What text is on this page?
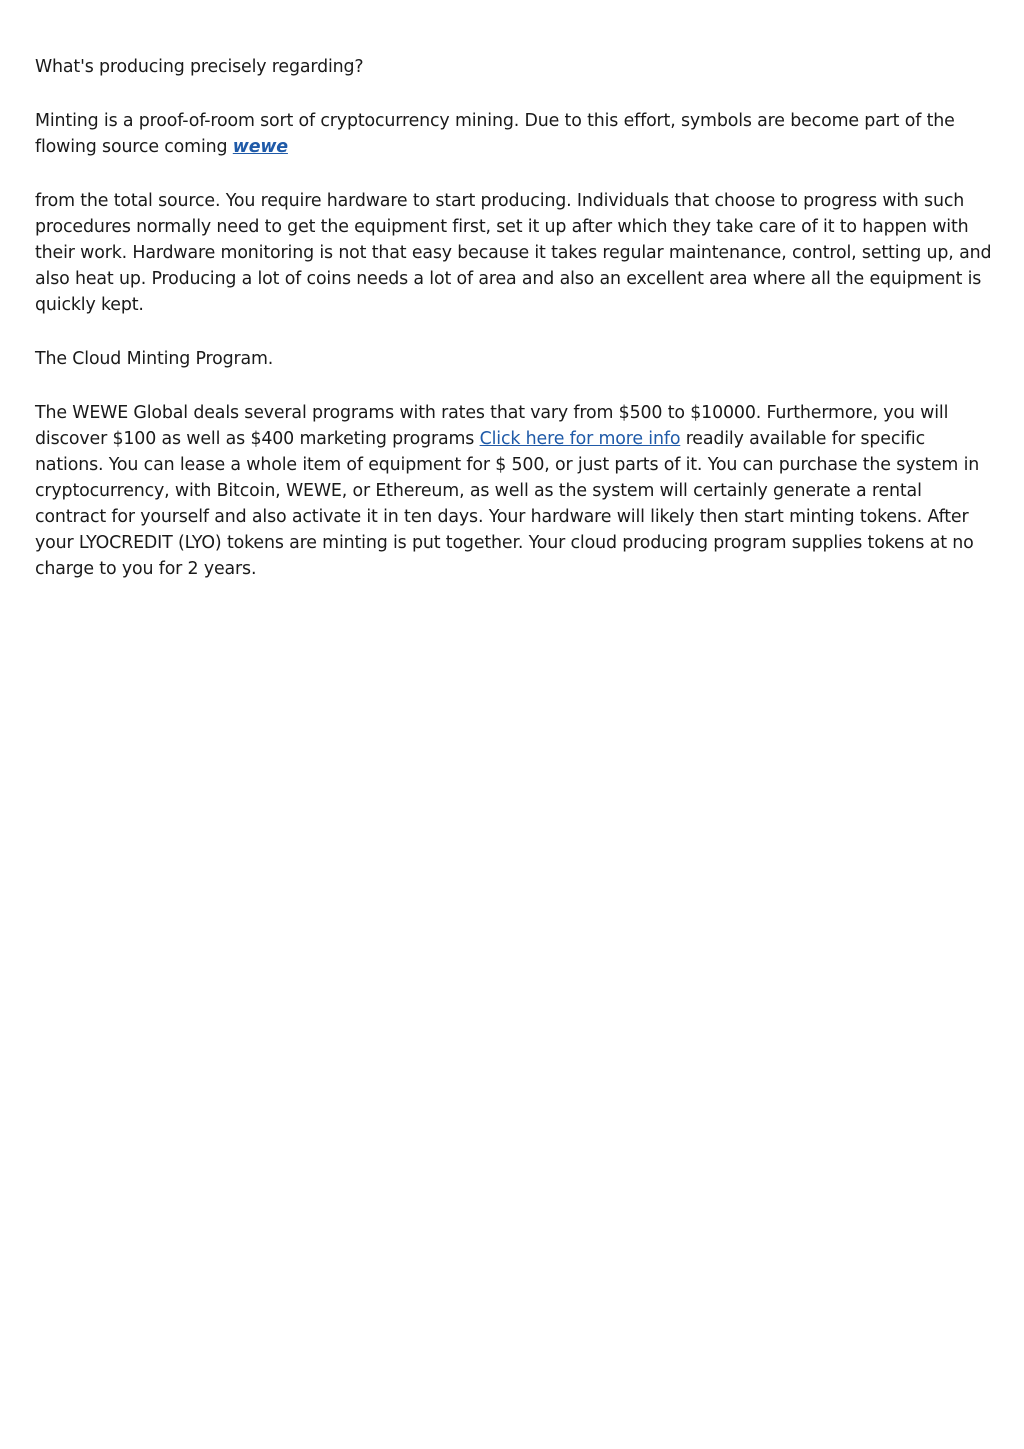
What's producing precisely regarding?

Minting is a proof-of-room sort of cryptocurrency mining. Due to this effort, symbols are become part of the flowing source coming wewe

from the total source. You require hardware to start producing. Individuals that choose to progress with such procedures normally need to get the equipment first, set it up after which they take care of it to happen with their work. Hardware monitoring is not that easy because it takes regular maintenance, control, setting up, and also heat up. Producing a lot of coins needs a lot of area and also an excellent area where all the equipment is quickly kept.

The Cloud Minting Program.

The WEWE Global deals several programs with rates that vary from $500 to $10000. Furthermore, you will discover $100 as well as $400 marketing programs Click here for more info readily available for specific nations. You can lease a whole item of equipment for $ 500, or just parts of it. You can purchase the system in cryptocurrency, with Bitcoin, WEWE, or Ethereum, as well as the system will certainly generate a rental contract for yourself and also activate it in ten days. Your hardware will likely then start minting tokens. After your LYOCREDIT (LYO) tokens are minting is put together. Your cloud producing program supplies tokens at no charge to you for 2 years.
